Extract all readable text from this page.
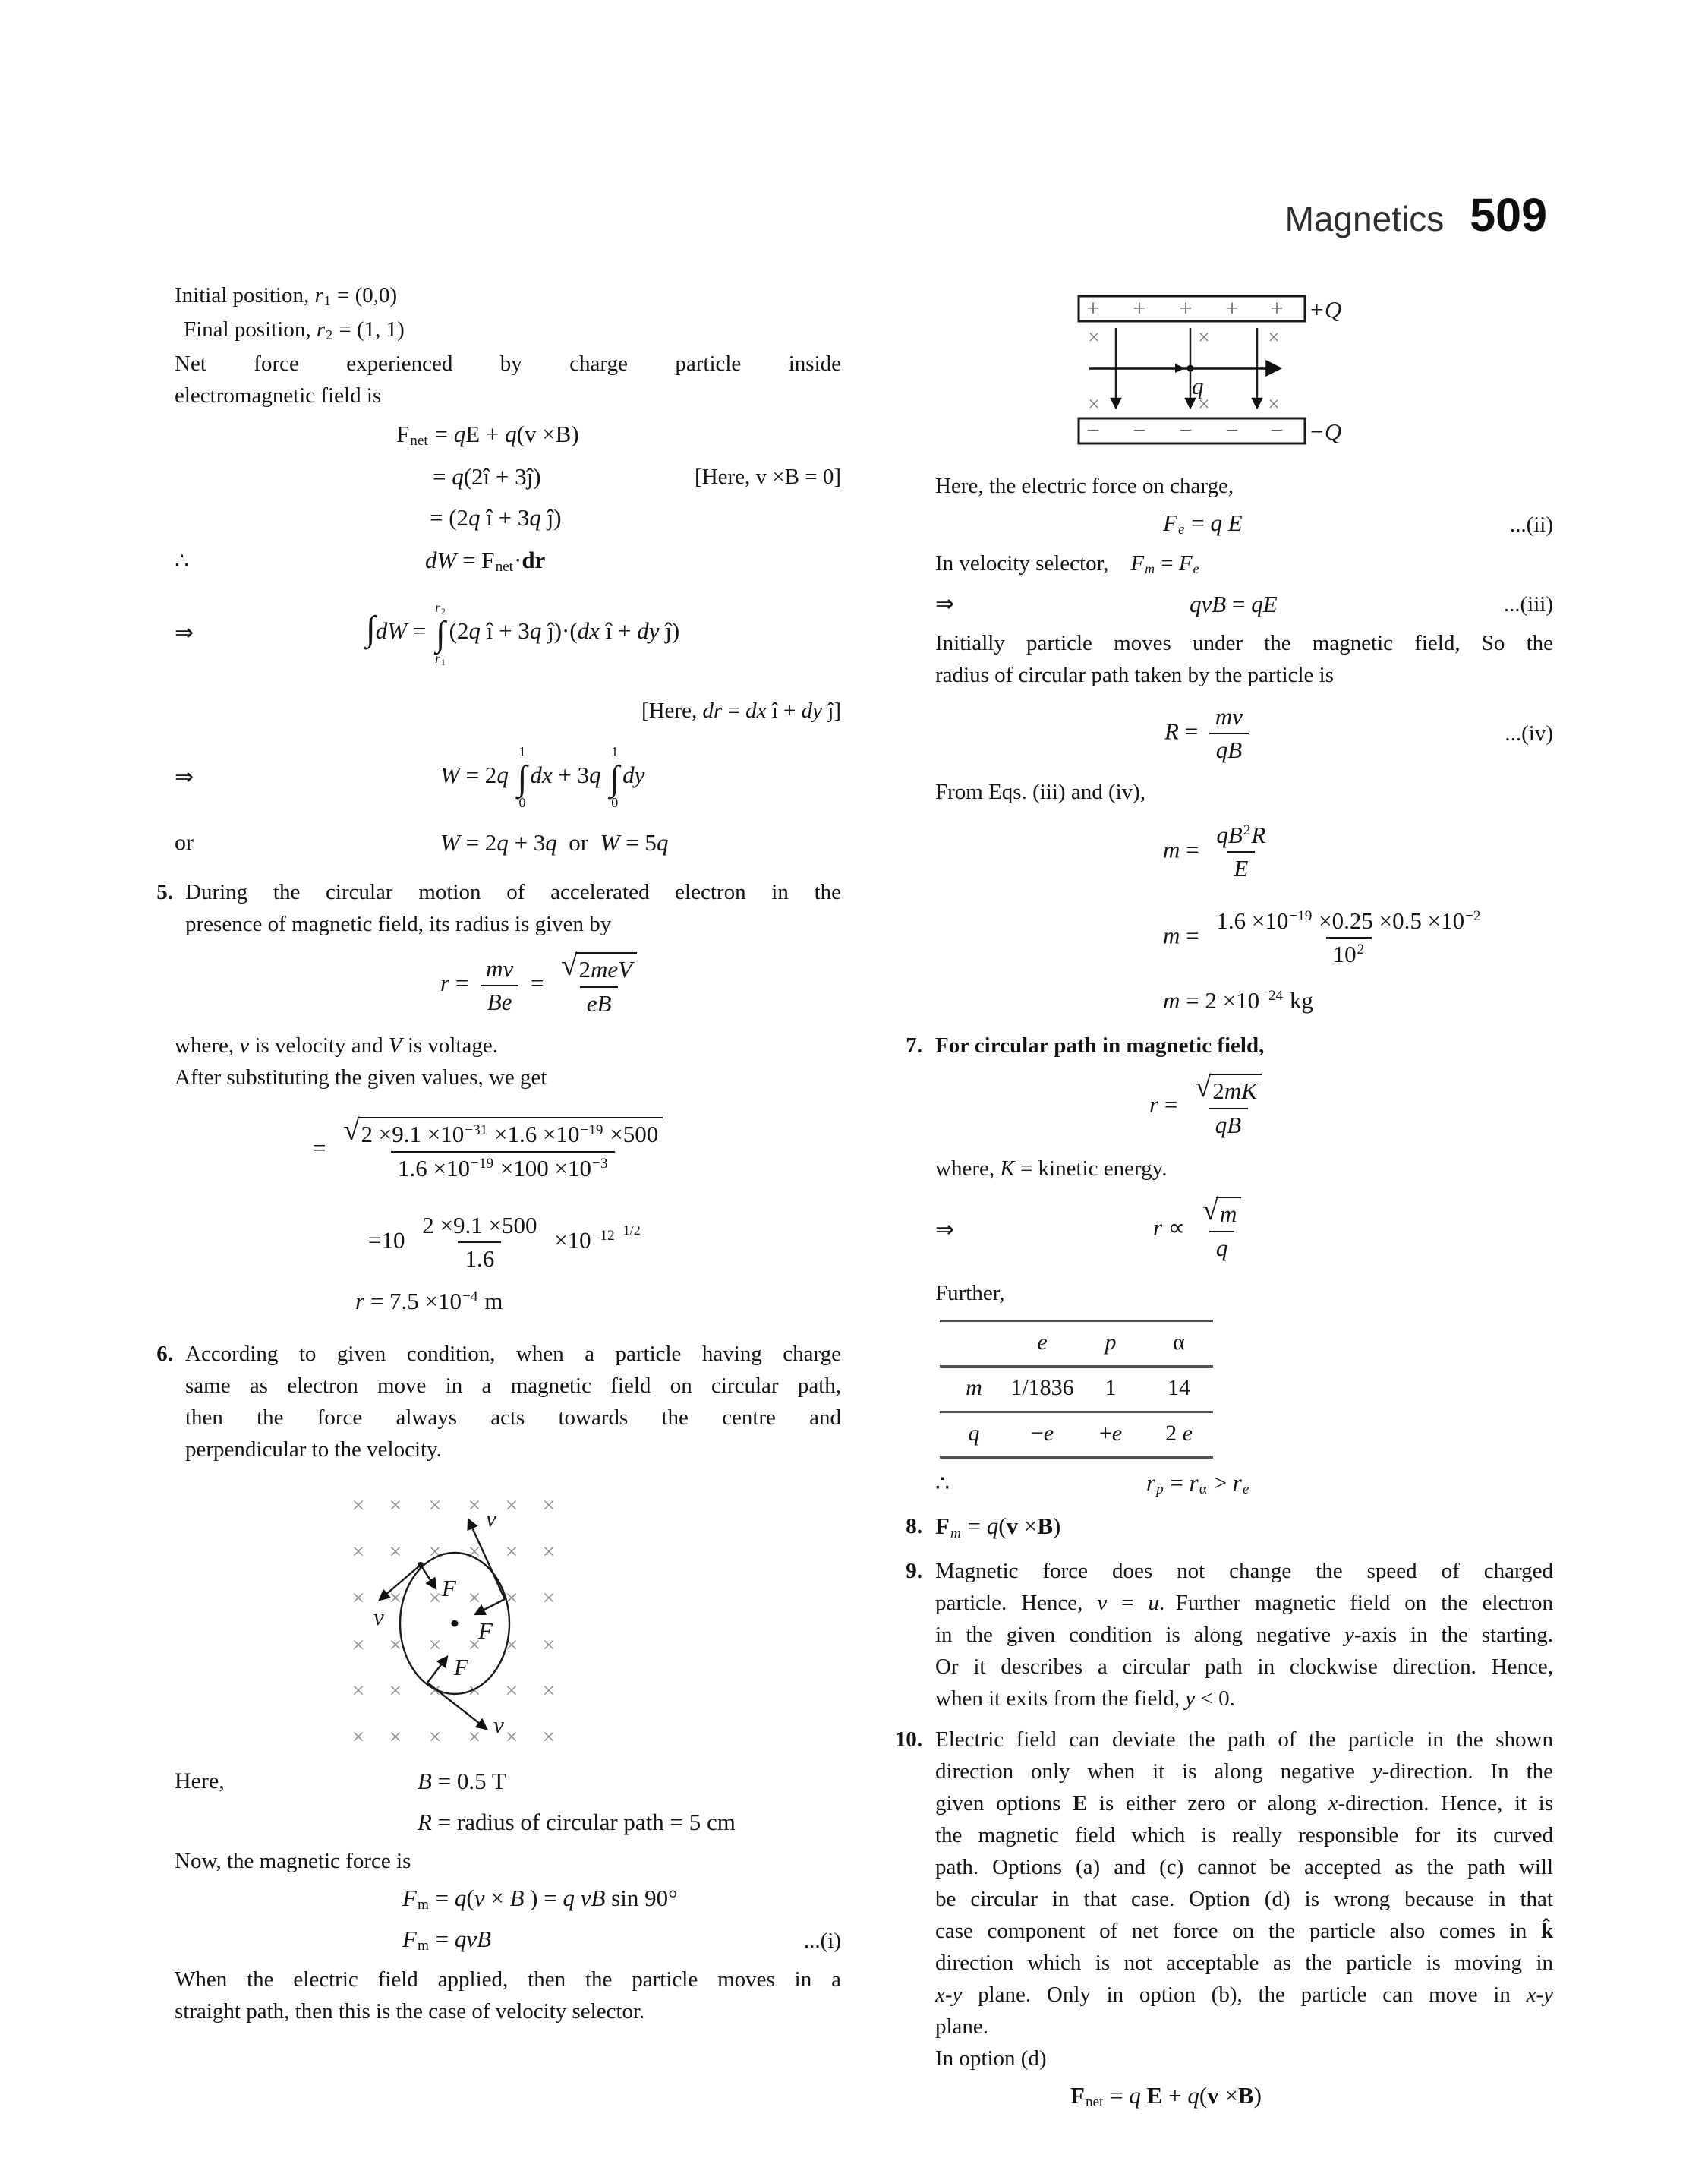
Magnetics 509
Initial position, r1 = (0,0)
Final position, r2 = (1, 1)
Net force experienced by charge particle inside
electromagnetic field is
Fnet = qE + q(v ×B)
= q(2î + 3ĵ)	[Here, v ×B = 0]
= (2q î + 3q ĵ)
∴	dW = Fnet·dr
⇒	∫dW =
r2
∫
r1
(2q î + 3q ĵ)·(dx î + dy ĵ)
[Here, dr = dx î + dy ĵ]
⇒	W = 2q
1
∫
0
dx + 3q
1
∫
0
dy
or	W = 2q + 3q or W = 5q
5. During the circular motion of accelerated electron in the
presence of magnetic field, its radius is given by
$r = \frac{mv}{Be} = \frac{\text{√ 2meV}}{eB}$
where, v is velocity and V is voltage.
After substituting the given values, we get
= $\frac{√ 2 \times 9.1 \times 10^{-31} \times 1.6 \times 10^{-19} \times 500}{1.6 \times 10^{-19} \times 100 \times 10^{-3}}$
$=10 \frac{2 \times 9.1 \times 500}{1.6} \times 10^{-12}$ $^{1/2}$
$r = 7.5 \times 10^{-4}$ m
6. According to given condition, when a particle having charge
same as electron move in a magnetic field on circular path,
then the force always acts towards the centre and
perpendicular to the velocity.
× × × × × ×
× × × × × ×
× × × × × ×
× × × × × ×
× × × × × ×
× × × × × ×
v
F
v
F
v
F
Here,	B = 0.5 T
R = radius of circular path = 5 cm
Now, the magnetic force is
Fm = q(v × B ) = q vB sin 90°
Fm = qvB	...(i)
When the electric field applied, then the particle moves in a
straight path, then this is the case of velocity selector.
+ + + + + +Q
×	×	×
×	×	×
q
− − − − − −Q
Here, the electric force on charge,
Fe = q E	...(ii)
In velocity selector, Fm = Fe
⇒	qvB = qE	...(iii)
Initially particle moves under the magnetic field, So the
radius of circular path taken by the particle is
$R = \frac{mv}{qB}$	...(iv)
From Eqs. (iii) and (iv),
$m = \frac{qB^2R}{E}$
$m = \frac{1.6 \times 10^{-19} \times 0.25 \times 0.5 \times 10^{-2}}{10^2}$
$m = 2 \times 10^{-24}$ kg
7. For circular path in magnetic field,
$r = \frac{√ 2mK}{qB}$
where, K = kinetic energy.
⇒	$r \propto \frac{√ m}{q}$
Further,
	e	p	α
m	1/1836	1	14
q	−e	+e	2 e
∴	rp = rα > re
8. Fm = q(v ×B)
9. Magnetic force does not change the speed of charged
particle. Hence, v = u. Further magnetic field on the electron
in the given condition is along negative y-axis in the starting.
Or it describes a circular path in clockwise direction. Hence,
when it exits from the field, y < 0.
10. Electric field can deviate the path of the particle in the shown
direction only when it is along negative y-direction. In the
given options E is either zero or along x-direction. Hence, it is
the magnetic field which is really responsible for its curved
path. Options (a) and (c) cannot be accepted as the path will
be circular in that case. Option (d) is wrong because in that
case component of net force on the particle also comes in k̂
direction which is not acceptable as the particle is moving in
x-y plane. Only in option (b), the particle can move in x-y
plane.
In option (d)
Fnet = q E + q(v ×B)
